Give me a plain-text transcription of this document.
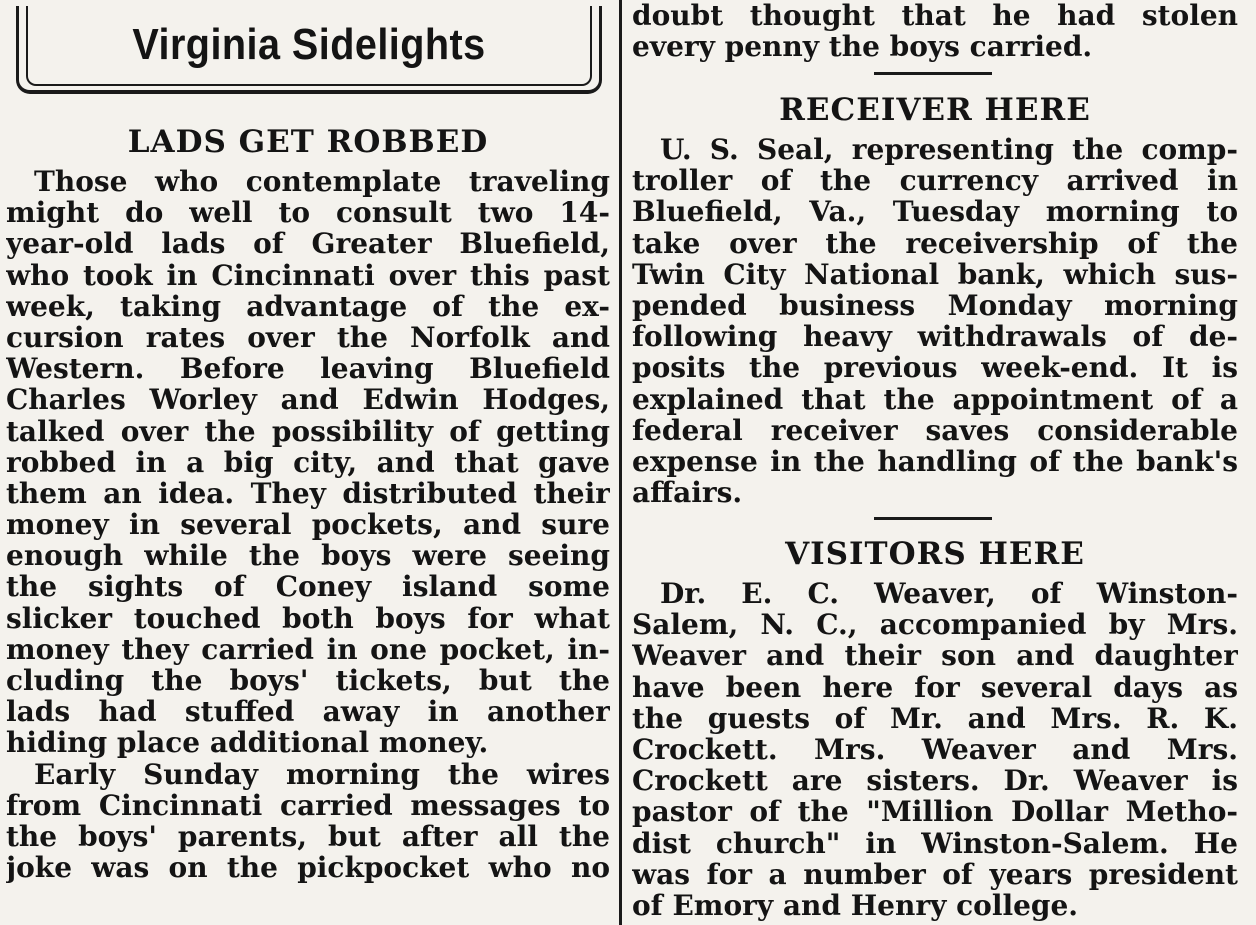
Virginia Sidelights
LADS GET ROBBED
Those who contemplate traveling
might do well to consult two 14-
year-old lads of Greater Bluefield,
who took in Cincinnati over this past
week, taking advantage of the ex-
cursion rates over the Norfolk and
Western. Before leaving Bluefield
Charles Worley and Edwin Hodges,
talked over the possibility of getting
robbed in a big city, and that gave
them an idea. They distributed their
money in several pockets, and sure
enough while the boys were seeing
the sights of Coney island some
slicker touched both boys for what
money they carried in one pocket, in-
cluding the boys' tickets, but the
lads had stuffed away in another
hiding place additional money.
Early Sunday morning the wires
from Cincinnati carried messages to
the boys' parents, but after all the
joke was on the pickpocket who no
doubt thought that he had stolen
every penny the boys carried.
RECEIVER HERE
U. S. Seal, representing the comp-
troller of the currency arrived in
Bluefield, Va., Tuesday morning to
take over the receivership of the
Twin City National bank, which sus-
pended business Monday morning
following heavy withdrawals of de-
posits the previous week-end. It is
explained that the appointment of a
federal receiver saves considerable
expense in the handling of the bank's
affairs.
VISITORS HERE
Dr. E. C. Weaver, of Winston-
Salem, N. C., accompanied by Mrs.
Weaver and their son and daughter
have been here for several days as
the guests of Mr. and Mrs. R. K.
Crockett. Mrs. Weaver and Mrs.
Crockett are sisters. Dr. Weaver is
pastor of the "Million Dollar Metho-
dist church" in Winston-Salem. He
was for a number of years president
of Emory and Henry college.
